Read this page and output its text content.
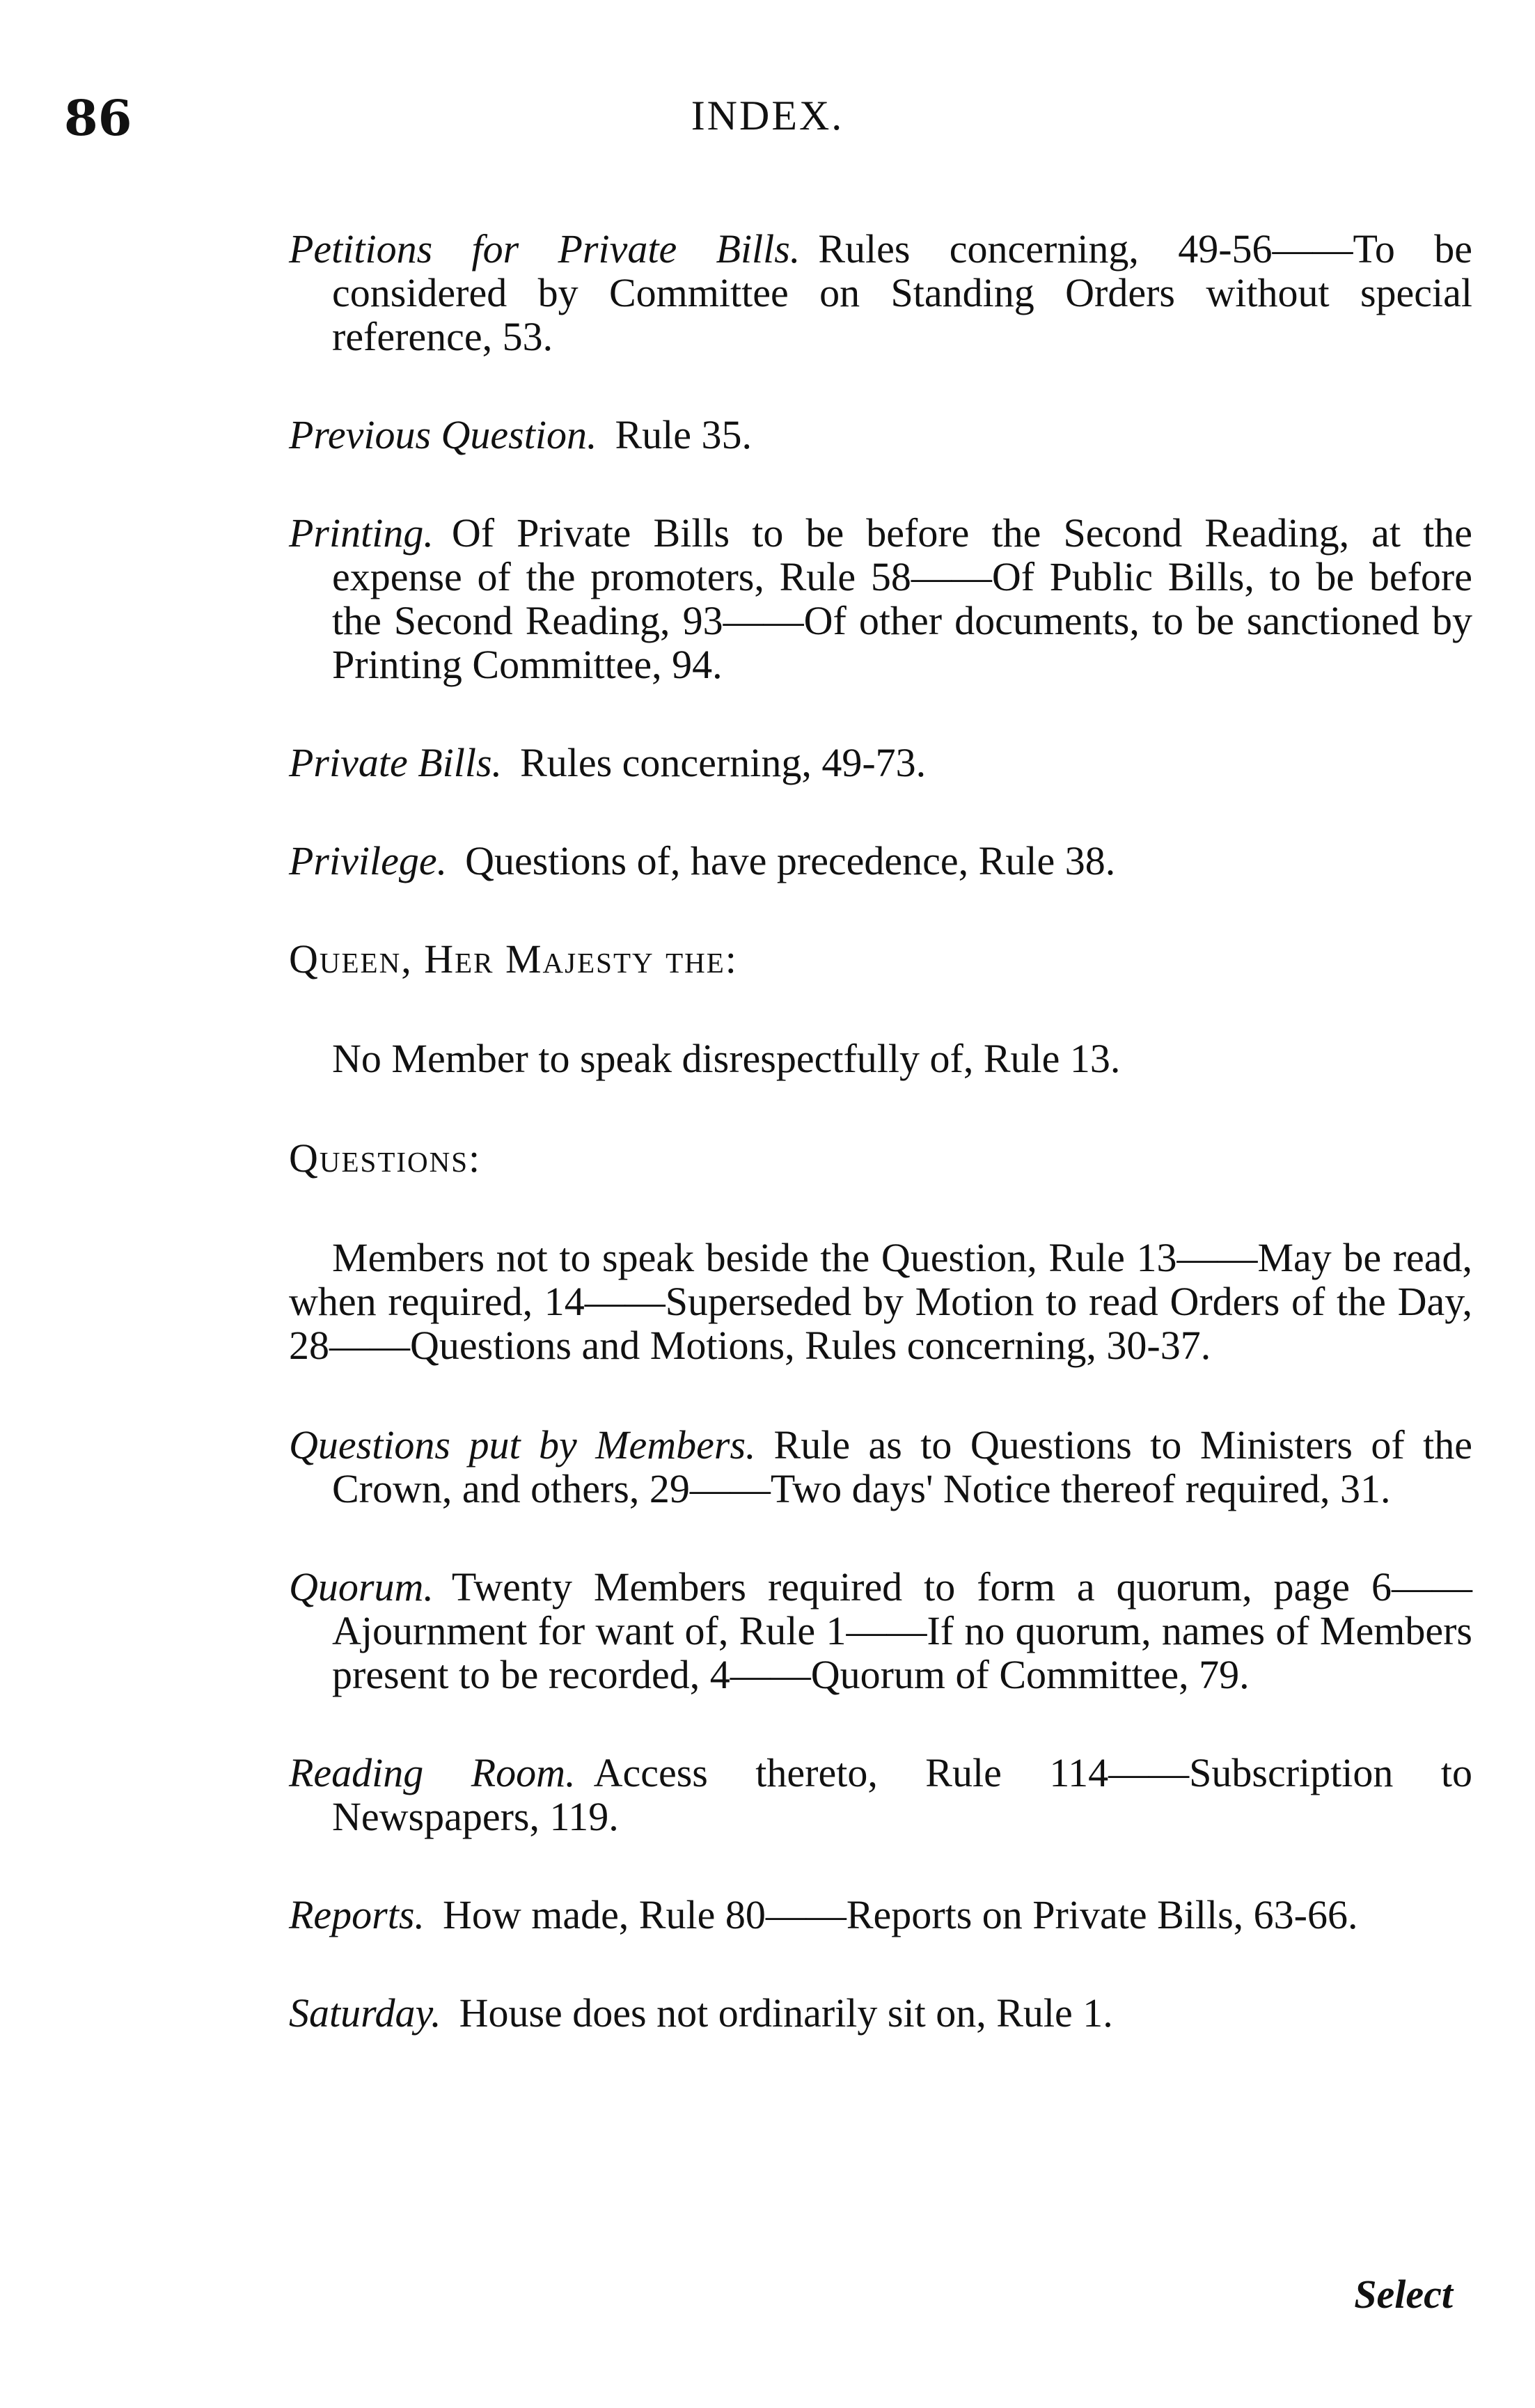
86	INDEX.

Petitions for Private Bills. Rules concerning, 49-56——To be considered by Committee on Standing Orders without special reference, 53.

Previous Question. Rule 35.

Printing. Of Private Bills to be before the Second Reading, at the expense of the promoters, Rule 58——Of Public Bills, to be before the Second Reading, 93——Of other documents, to be sanctioned by Printing Committee, 94.

Private Bills. Rules concerning, 49-73.

Privilege. Questions of, have precedence, Rule 38.

Queen, Her Majesty the:

No Member to speak disrespectfully of, Rule 13.

Questions:

Members not to speak beside the Question, Rule 13——May be read, when required, 14——Superseded by Motion to read Orders of the Day, 28——Questions and Motions, Rules concerning, 30-37.

Questions put by Members. Rule as to Questions to Ministers of the Crown, and others, 29——Two days' Notice thereof required, 31.

Quorum. Twenty Members required to form a quorum, page 6——Ajournment for want of, Rule 1——If no quorum, names of Members present to be recorded, 4——Quorum of Committee, 79.

Reading Room. Access thereto, Rule 114——Subscription to Newspapers, 119.

Reports. How made, Rule 80——Reports on Private Bills, 63-66.

Saturday. House does not ordinarily sit on, Rule 1.

Select
